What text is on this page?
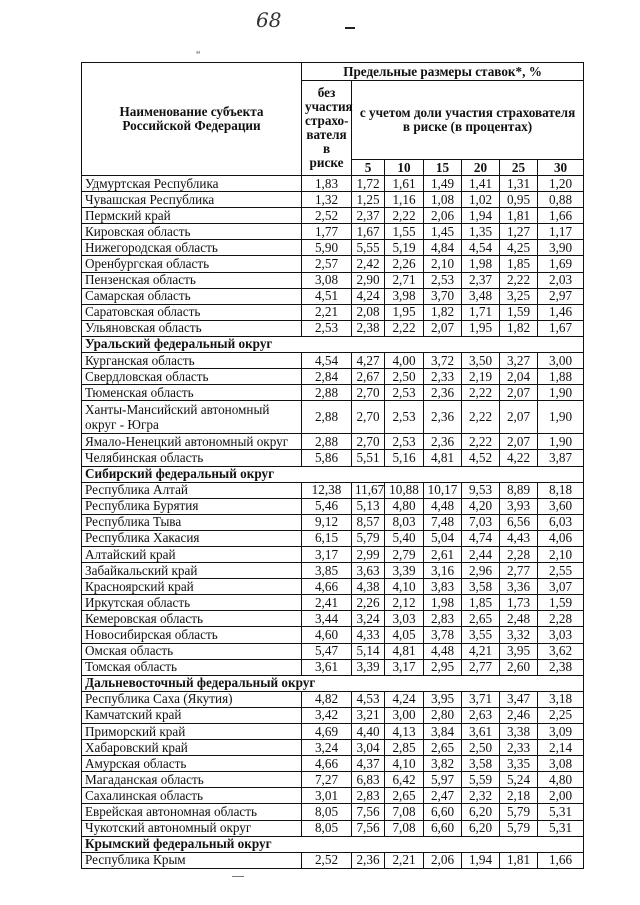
68
“
Наименование субъекта Российской Федерации	Предельные размеры ставок*, %						
	без участия страхо-вателя в риске	с учетом доли участия страхователя в риске (в процентах)					
		5	10	15	20	25	30
Удмуртская Республика	1,83	1,72	1,61	1,49	1,41	1,31	1,20
Чувашская Республика	1,32	1,25	1,16	1,08	1,02	0,95	0,88
Пермский край	2,52	2,37	2,22	2,06	1,94	1,81	1,66
Кировская область	1,77	1,67	1,55	1,45	1,35	1,27	1,17
Нижегородская область	5,90	5,55	5,19	4,84	4,54	4,25	3,90
Оренбургская область	2,57	2,42	2,26	2,10	1,98	1,85	1,69
Пензенская область	3,08	2,90	2,71	2,53	2,37	2,22	2,03
Самарская область	4,51	4,24	3,98	3,70	3,48	3,25	2,97
Саратовская область	2,21	2,08	1,95	1,82	1,71	1,59	1,46
Ульяновская область	2,53	2,38	2,22	2,07	1,95	1,82	1,67
Уральский федеральный округ							
Курганская область	4,54	4,27	4,00	3,72	3,50	3,27	3,00
Свердловская область	2,84	2,67	2,50	2,33	2,19	2,04	1,88
Тюменская область	2,88	2,70	2,53	2,36	2,22	2,07	1,90
Ханты-Мансийский автономный округ - Югра	2,88	2,70	2,53	2,36	2,22	2,07	1,90
Ямало-Ненецкий автономный округ	2,88	2,70	2,53	2,36	2,22	2,07	1,90
Челябинская область	5,86	5,51	5,16	4,81	4,52	4,22	3,87
Сибирский федеральный округ							
Республика Алтай	12,38	11,67	10,88	10,17	9,53	8,89	8,18
Республика Бурятия	5,46	5,13	4,80	4,48	4,20	3,93	3,60
Республика Тыва	9,12	8,57	8,03	7,48	7,03	6,56	6,03
Республика Хакасия	6,15	5,79	5,40	5,04	4,74	4,43	4,06
Алтайский край	3,17	2,99	2,79	2,61	2,44	2,28	2,10
Забайкальский край	3,85	3,63	3,39	3,16	2,96	2,77	2,55
Красноярский край	4,66	4,38	4,10	3,83	3,58	3,36	3,07
Иркутская область	2,41	2,26	2,12	1,98	1,85	1,73	1,59
Кемеровская область	3,44	3,24	3,03	2,83	2,65	2,48	2,28
Новосибирская область	4,60	4,33	4,05	3,78	3,55	3,32	3,03
Омская область	5,47	5,14	4,81	4,48	4,21	3,95	3,62
Томская область	3,61	3,39	3,17	2,95	2,77	2,60	2,38
Дальневосточный федеральный округ							
Республика Саха (Якутия)	4,82	4,53	4,24	3,95	3,71	3,47	3,18
Камчатский край	3,42	3,21	3,00	2,80	2,63	2,46	2,25
Приморский край	4,69	4,40	4,13	3,84	3,61	3,38	3,09
Хабаровский край	3,24	3,04	2,85	2,65	2,50	2,33	2,14
Амурская область	4,66	4,37	4,10	3,82	3,58	3,35	3,08
Магаданская область	7,27	6,83	6,42	5,97	5,59	5,24	4,80
Сахалинская область	3,01	2,83	2,65	2,47	2,32	2,18	2,00
Еврейская автономная область	8,05	7,56	7,08	6,60	6,20	5,79	5,31
Чукотский автономный округ	8,05	7,56	7,08	6,60	6,20	5,79	5,31
Крымский федеральный округ							
Республика Крым	2,52	2,36	2,21	2,06	1,94	1,81	1,66
